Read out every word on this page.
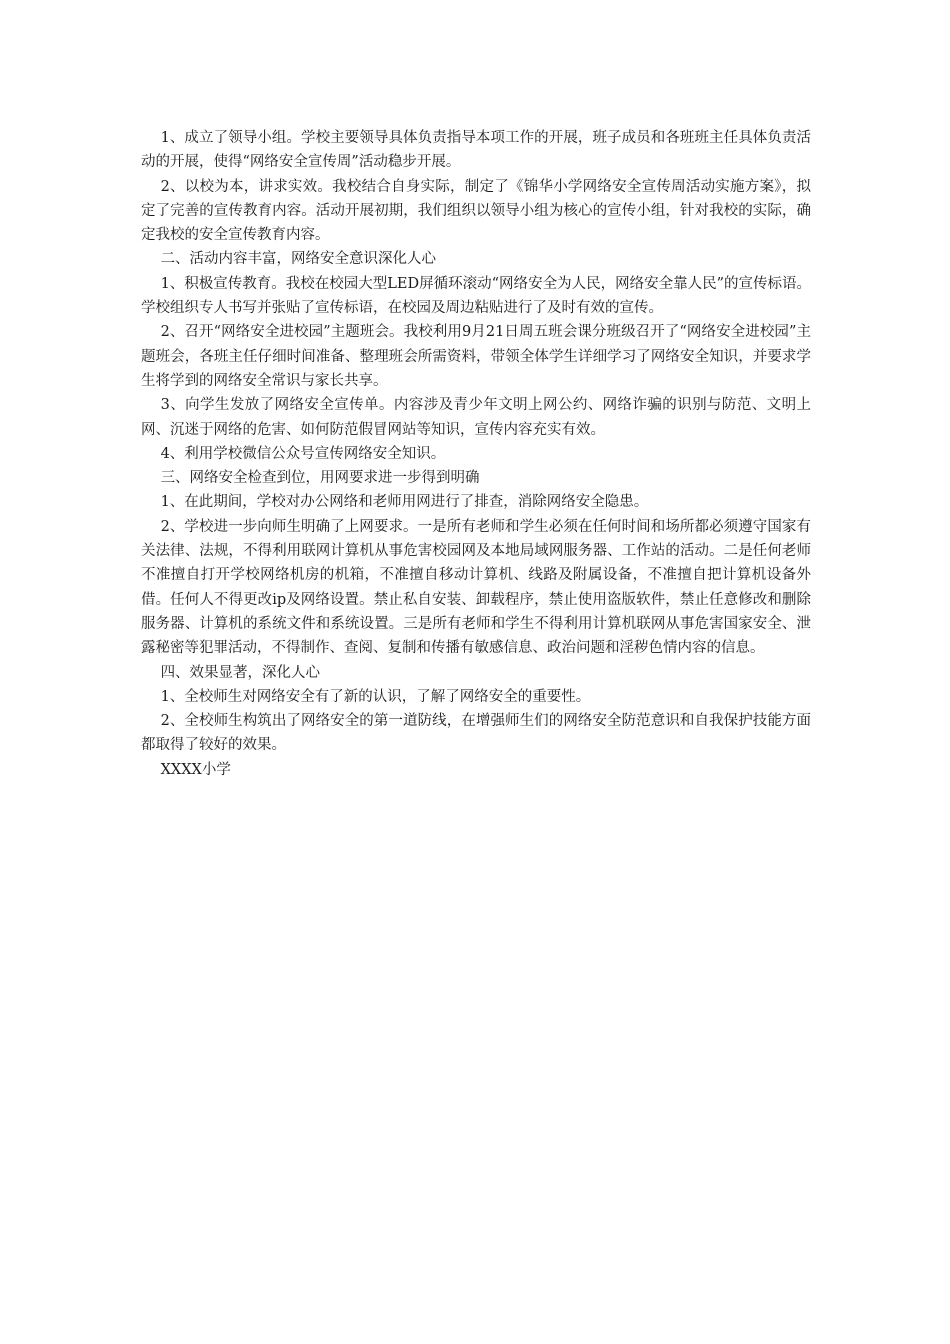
1、成立了领导小组。学校主要领导具体负责指导本项工作的开展，班子成员和各班班主任具体负责活动的开展，使得“网络安全宣传周”活动稳步开展。

2、以校为本，讲求实效。我校结合自身实际，制定了《锦华小学网络安全宣传周活动实施方案》，拟定了完善的宣传教育内容。活动开展初期，我们组织以领导小组为核心的宣传小组，针对我校的实际，确定我校的安全宣传教育内容。

二、活动内容丰富，网络安全意识深化人心

1、积极宣传教育。我校在校园大型LED屏循环滚动“网络安全为人民，网络安全靠人民”的宣传标语。学校组织专人书写并张贴了宣传标语，在校园及周边粘贴进行了及时有效的宣传。

2、召开“网络安全进校园”主题班会。我校利用9月21日周五班会课分班级召开了“网络安全进校园”主题班会，各班主任仔细时间准备、整理班会所需资料，带领全体学生详细学习了网络安全知识，并要求学生将学到的网络安全常识与家长共享。

3、向学生发放了网络安全宣传单。内容涉及青少年文明上网公约、网络诈骗的识别与防范、文明上网、沉迷于网络的危害、如何防范假冒网站等知识，宣传内容充实有效。

4、利用学校微信公众号宣传网络安全知识。

三、网络安全检查到位，用网要求进一步得到明确

1、在此期间，学校对办公网络和老师用网进行了排查，消除网络安全隐患。

2、学校进一步向师生明确了上网要求。一是所有老师和学生必须在任何时间和场所都必须遵守国家有关法律、法规，不得利用联网计算机从事危害校园网及本地局域网服务器、工作站的活动。二是任何老师不准擅自打开学校网络机房的机箱，不准擅自移动计算机、线路及附属设备，不准擅自把计算机设备外借。任何人不得更改ip及网络设置。禁止私自安装、卸载程序，禁止使用盗版软件，禁止任意修改和删除服务器、计算机的系统文件和系统设置。三是所有老师和学生不得利用计算机联网从事危害国家安全、泄露秘密等犯罪活动，不得制作、查阅、复制和传播有敏感信息、政治问题和淫秽色情内容的信息。

四、效果显著，深化人心

1、全校师生对网络安全有了新的认识，了解了网络安全的重要性。

2、全校师生构筑出了网络安全的第一道防线，在增强师生们的网络安全防范意识和自我保护技能方面都取得了较好的效果。

XXXX小学
